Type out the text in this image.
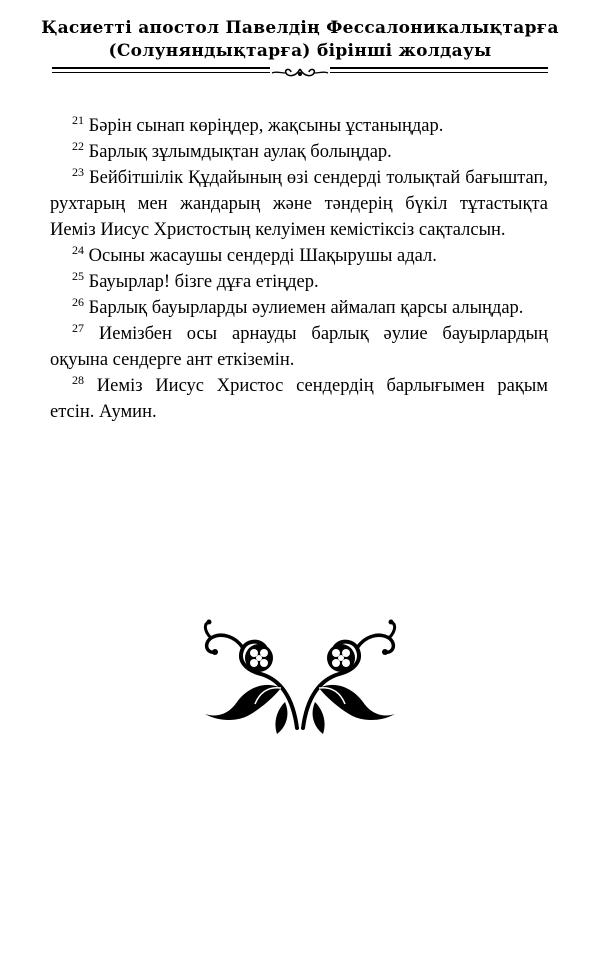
Қасиетті апостол Павелдің Фессалоникалықтарға
(Солуняндықтарға) бірінші жолдауы

$^{21}$ Бәрін сынап көріңдер, жақсыны ұстаныңдар.

$^{22}$ Барлық зұлымдықтан аулақ болыңдар.

$^{23}$ Бейбітшілік Құдайының өзі сендерді толықтай бағыштап, рухтарың мен жандарың және тәндерің бүкіл тұтастықта Иеміз Иисус Христостың келуімен кемістіксіз сақталсын.

$^{24}$ Осыны жасаушы сендерді Шақырушы адал.

$^{25}$ Бауырлар! бізге дұға етіңдер.

$^{26}$ Барлық бауырларды әулиемен аймалап қарсы алыңдар.

$^{27}$ Иемізбен осы арнауды барлық әулие бауырлардың оқуына сендерге ант еткіземін.

$^{28}$ Иеміз Иисус Христос сендердің барлығымен рақым етсін. Аумин.
